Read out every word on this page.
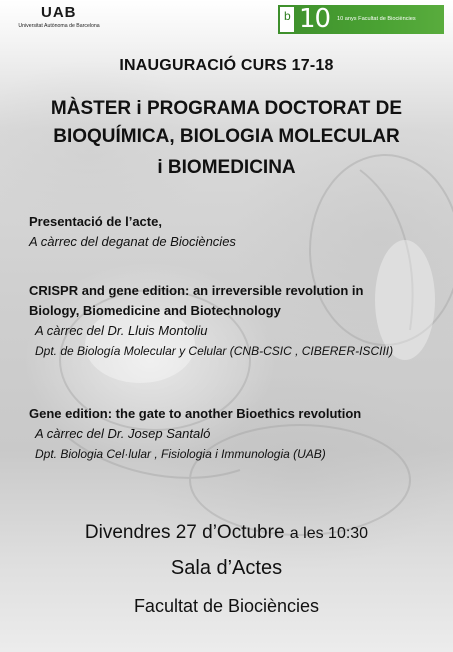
UAB
Universitat Autònoma de Barcelona
b 10 10 anys Facultat de Biociències
INAUGURACIÓ CURS 17-18
MÀSTER i PROGRAMA DOCTORAT DE
BIOQUÍMICA, BIOLOGIA MOLECULAR
i BIOMEDICINA
Presentació de l’acte,
A càrrec del deganat de Biociències
CRISPR and gene edition: an irreversible revolution in
Biology, Biomedicine and Biotechnology
A càrrec del Dr. Lluis Montoliu
Dpt. de Biología Molecular y Celular (CNB-CSIC , CIBERER-ISCIII)
Gene edition: the gate to another Bioethics revolution
A càrrec del Dr. Josep Santaló
Dpt. Biologia Cel·lular , Fisiologia i Immunologia (UAB)
Divendres 27 d’Octubre a les 10:30
Sala d’Actes
Facultat de Biociències
